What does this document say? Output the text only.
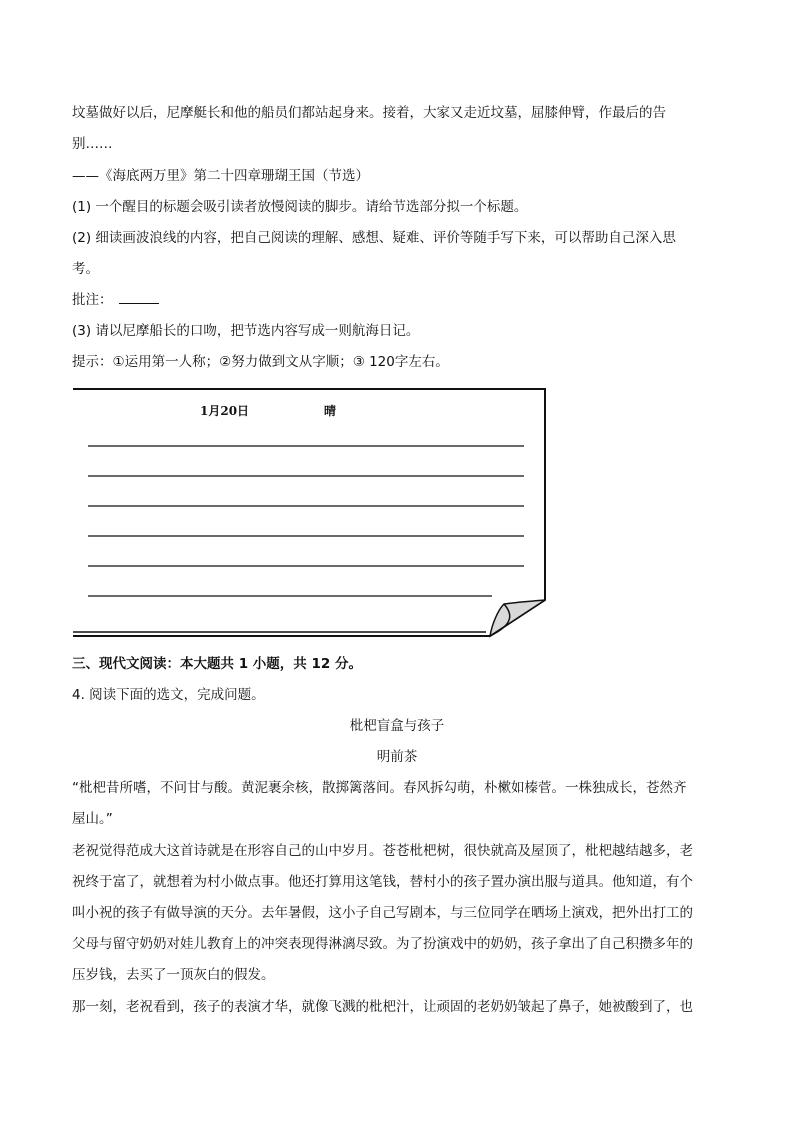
坟墓做好以后，尼摩艇长和他的船员们都站起身来。接着，大家又走近坟墓，屈膝伸臂，作最后的告
别……
——《海底两万里》第二十四章珊瑚王国（节选）
(1) 一个醒目的标题会吸引读者放慢阅读的脚步。请给节选部分拟一个标题。
(2) 细读画波浪线的内容，把自己阅读的理解、感想、疑难、评价等随手写下来，可以帮助自己深入思
考。
批注：
(3) 请以尼摩船长的口吻，把节选内容写成一则航海日记。
提示：①运用第一人称；②努力做到文从字顺；③ 120字左右。
1月20日	晴
三、现代文阅读：本大题共 1 小题，共 12 分。
4. 阅读下面的选文，完成问题。
枇杷盲盒与孩子
明前茶
“枇杷昔所嗜，不问甘与酸。黄泥裹余核，散掷篱落间。春风拆勾萌，朴樕如榛菅。一株独成长，苍然齐
屋山。”
老祝觉得范成大这首诗就是在形容自己的山中岁月。苍苍枇杷树，很快就高及屋顶了，枇杷越结越多，老
祝终于富了，就想着为村小做点事。他还打算用这笔钱，替村小的孩子置办演出服与道具。他知道，有个
叫小祝的孩子有做导演的天分。去年暑假，这小子自己写剧本，与三位同学在晒场上演戏，把外出打工的
父母与留守奶奶对娃儿教育上的冲突表现得淋漓尽致。为了扮演戏中的奶奶，孩子拿出了自己积攒多年的
压岁钱，去买了一顶灰白的假发。
那一刻，老祝看到，孩子的表演才华，就像飞溅的枇杷汁，让顽固的老奶奶皱起了鼻子，她被酸到了，也
